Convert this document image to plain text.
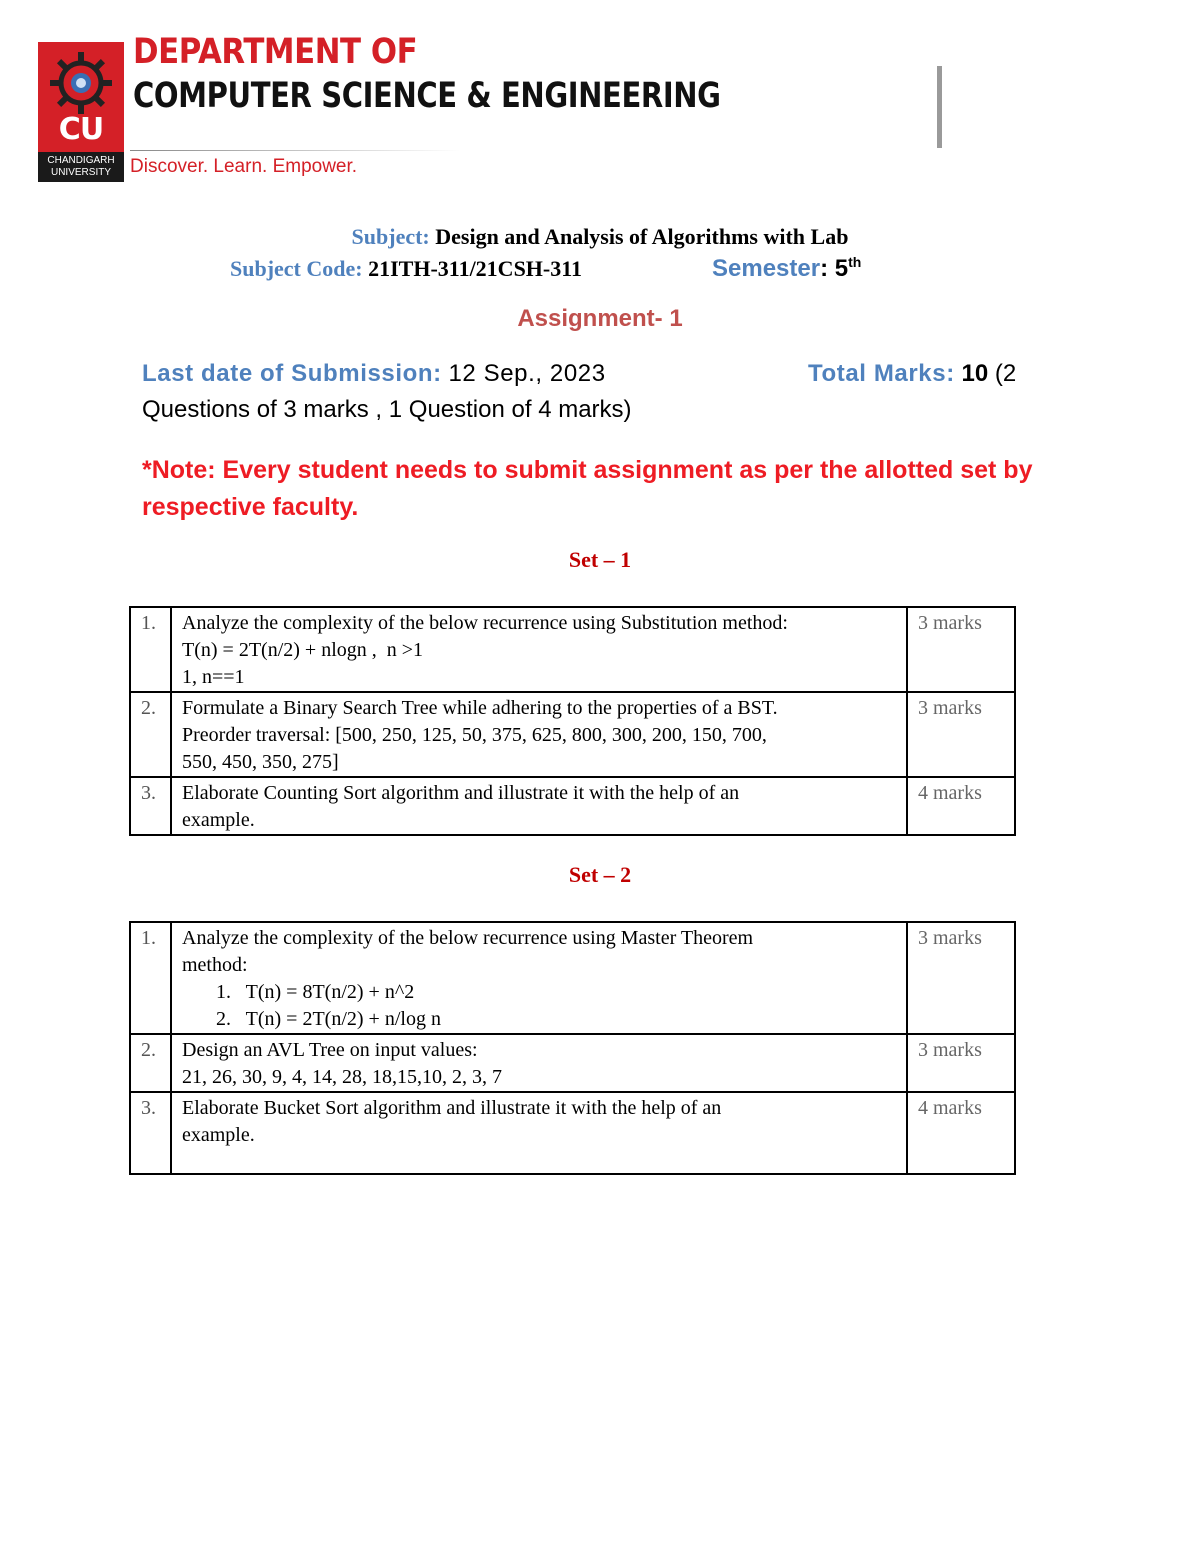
CU
CHANDIGARH
UNIVERSITY
DEPARTMENT OF
COMPUTER SCIENCE & ENGINEERING
Discover. Learn. Empower.
Subject: Design and Analysis of Algorithms with Lab
Subject Code: 21ITH-311/21CSH-311	Semester: 5th
Assignment- 1
Last date of Submission: 12 Sep., 2023	Total Marks: 10 (2
Questions of 3 marks , 1 Question of 4 marks)
*Note: Every student needs to submit assignment as per the allotted set by respective faculty.
Set – 1
1.	Analyze the complexity of the below recurrence using Substitution method:
T(n) = 2T(n/2) + nlogn ,  n >1
1, n==1	3 marks
2.	Formulate a Binary Search Tree while adhering to the properties of a BST.
Preorder traversal: [500, 250, 125, 50, 375, 625, 800, 300, 200, 150, 700,
550, 450, 350, 275]	3 marks
3.	Elaborate Counting Sort algorithm and illustrate it with the help of an
example.	4 marks
Set – 2
1.	Analyze the complexity of the below recurrence using Master Theorem
method:
1.   T(n) = 8T(n/2) + n^2
2.   T(n) = 2T(n/2) + n/log n	3 marks
2.	Design an AVL Tree on input values:
21, 26, 30, 9, 4, 14, 28, 18,15,10, 2, 3, 7	3 marks
3.	Elaborate Bucket Sort algorithm and illustrate it with the help of an
example.	4 marks
